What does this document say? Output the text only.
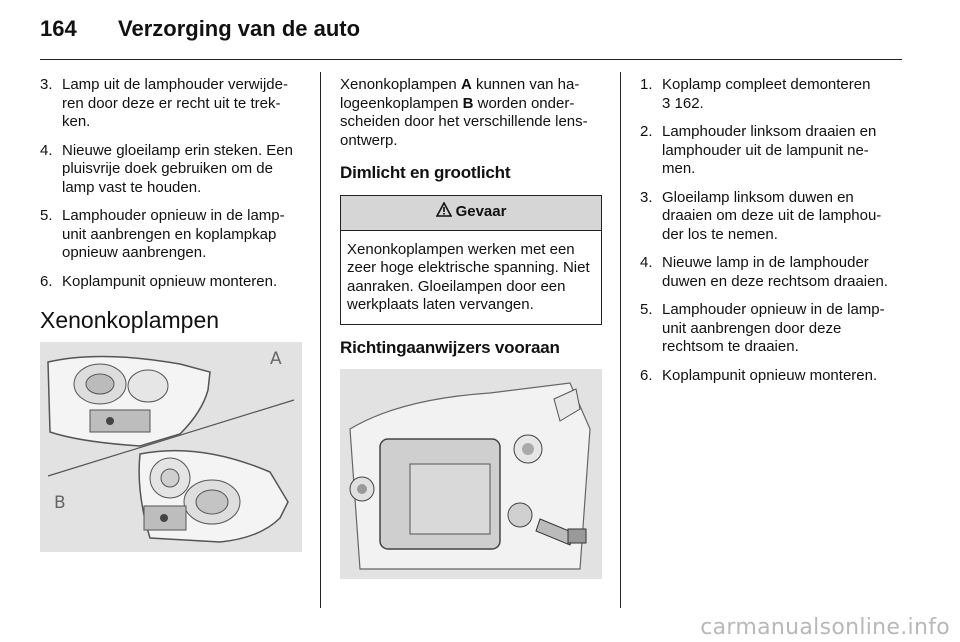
164	Verzorging van de auto
3. Lamp uit de lamphouder verwijde-ren door deze er recht uit te trek-ken.
4. Nieuwe gloeilamp erin steken. Een pluisvrije doek gebruiken om de lamp vast te houden.
5. Lamphouder opnieuw in de lamp-unit aanbrengen en koplampkap opnieuw aanbrengen.
6. Koplampunit opnieuw monteren.
Xenonkoplampen
A
B
Xenonkoplampen A kunnen van ha-logeenkoplampen B worden onder-scheiden door het verschillende lens-ontwerp.
Dimlicht en grootlicht
Gevaar
Xenonkoplampen werken met een zeer hoge elektrische spanning. Niet aanraken. Gloeilampen door een werkplaats laten vervangen.
Richtingaanwijzers vooraan
1. Koplamp compleet demonteren
3 162.
2. Lamphouder linksom draaien en lamphouder uit de lampunit ne-men.
3. Gloeilamp linksom duwen en draaien om deze uit de lamphou-der los te nemen.
4. Nieuwe lamp in de lamphouder duwen en deze rechtsom draaien.
5. Lamphouder opnieuw in de lamp-unit aanbrengen door deze rechtsom te draaien.
6. Koplampunit opnieuw monteren.
carmanualsonline.info
